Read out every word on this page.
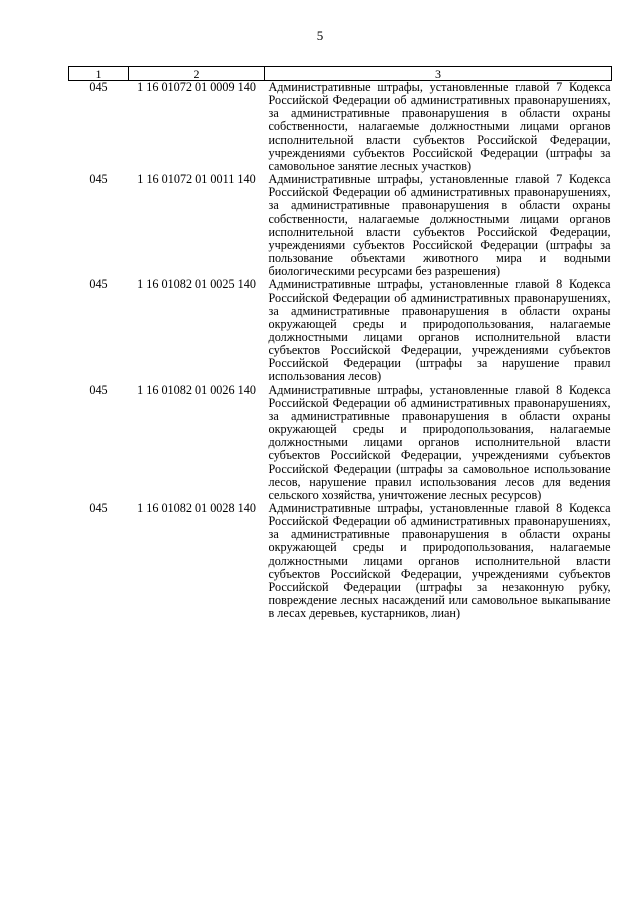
5
1	2	3
045	1 16 01072 01 0009 140	Административные штрафы, установленные главой 7 Кодекса Российской Федерации об административных правонарушениях, за административные правонарушения в области охраны собственности, налагаемые должностными лицами органов исполнительной власти субъектов Российской Федерации, учреждениями субъектов Российской Федерации (штрафы за самовольное занятие лесных участков)
045	1 16 01072 01 0011 140	Административные штрафы, установленные главой 7 Кодекса Российской Федерации об административных правонарушениях, за административные правонарушения в области охраны собственности, налагаемые должностными лицами органов исполнительной власти субъектов Российской Федерации, учреждениями субъектов Российской Федерации (штрафы за пользование объектами животного мира и водными биологическими ресурсами без разрешения)
045	1 16 01082 01 0025 140	Административные штрафы, установленные главой 8 Кодекса Российской Федерации об административных правонарушениях, за административные правонарушения в области охраны окружающей среды и природопользования, налагаемые должностными лицами органов исполнительной власти субъектов Российской Федерации, учреждениями субъектов Российской Федерации (штрафы за нарушение правил использования лесов)
045	1 16 01082 01 0026 140	Административные штрафы, установленные главой 8 Кодекса Российской Федерации об административных правонарушениях, за административные правонарушения в области охраны окружающей среды и природопользования, налагаемые должностными лицами органов исполнительной власти субъектов Российской Федерации, учреждениями субъектов Российской Федерации (штрафы за самовольное использование лесов, нарушение правил использования лесов для ведения сельского хозяйства, уничтожение лесных ресурсов)
045	1 16 01082 01 0028 140	Административные штрафы, установленные главой 8 Кодекса Российской Федерации об административных правонарушениях, за административные правонарушения в области охраны окружающей среды и природопользования, налагаемые должностными лицами органов исполнительной власти субъектов Российской Федерации, учреждениями субъектов Российской Федерации (штрафы за незаконную рубку, повреждение лесных насаждений или самовольное выкапывание в лесах деревьев, кустарников, лиан)
